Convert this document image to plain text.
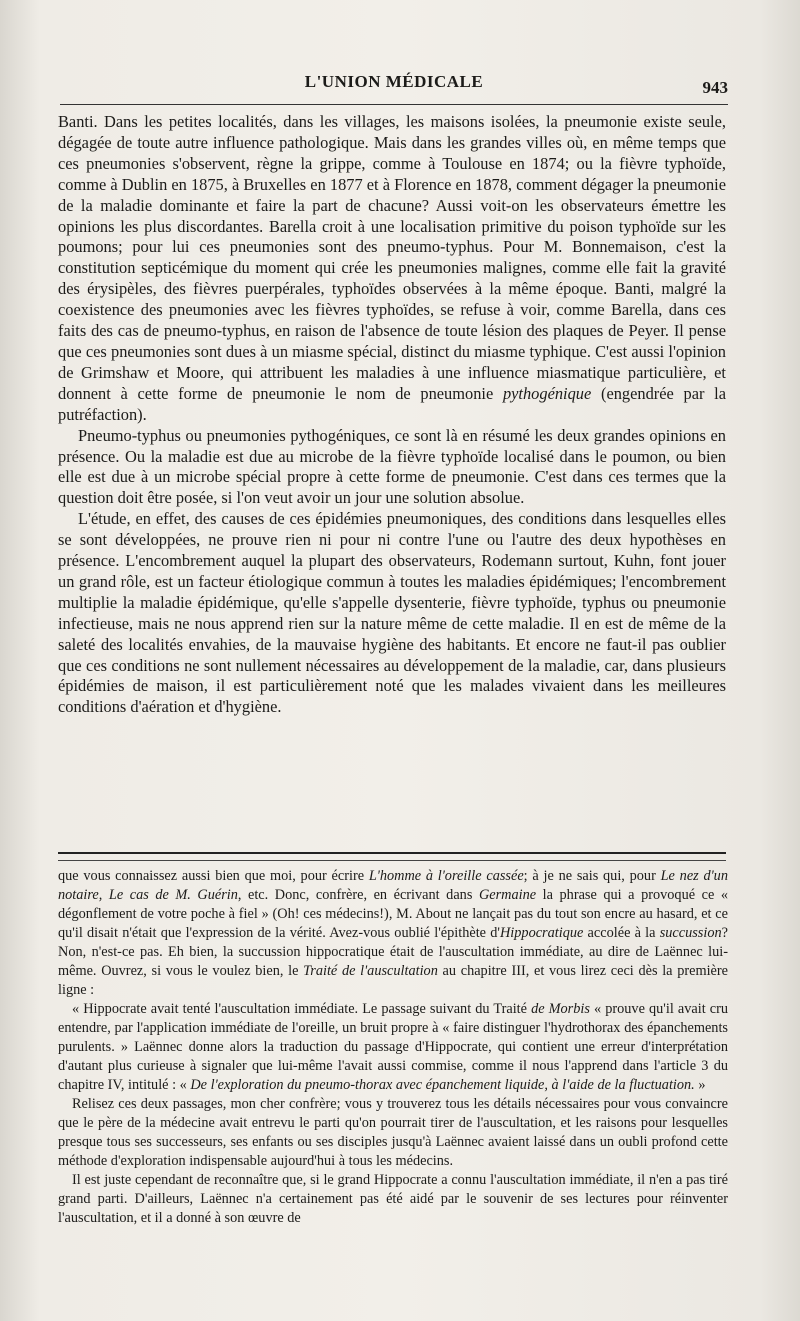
L'UNION MÉDICALE	943

Banti. Dans les petites localités, dans les villages, les maisons isolées, la pneumonie existe seule, dégagée de toute autre influence pathologique. Mais dans les grandes villes où, en même temps que ces pneumonies s'observent, règne la grippe, comme à Toulouse en 1874; ou la fièvre typhoïde, comme à Dublin en 1875, à Bruxelles en 1877 et à Florence en 1878, comment dégager la pneumonie de la maladie dominante et faire la part de chacune? Aussi voit-on les observateurs émettre les opinions les plus discordantes. Barella croit à une localisation primitive du poison typhoïde sur les poumons; pour lui ces pneumonies sont des pneumo-typhus. Pour M. Bonnemaison, c'est la constitution septicémique du moment qui crée les pneumonies malignes, comme elle fait la gravité des érysipèles, des fièvres puerpérales, typhoïdes observées à la même époque. Banti, malgré la coexistence des pneumonies avec les fièvres typhoïdes, se refuse à voir, comme Barella, dans ces faits des cas de pneumo-typhus, en raison de l'absence de toute lésion des plaques de Peyer. Il pense que ces pneumonies sont dues à un miasme spécial, distinct du miasme typhique. C'est aussi l'opinion de Grimshaw et Moore, qui attribuent les maladies à une influence miasmatique particulière, et donnent à cette forme de pneumonie le nom de pneumonie pythogénique (engendrée par la putréfaction).

Pneumo-typhus ou pneumonies pythogéniques, ce sont là en résumé les deux grandes opinions en présence. Ou la maladie est due au microbe de la fièvre typhoïde localisé dans le poumon, ou bien elle est due à un microbe spécial propre à cette forme de pneumonie. C'est dans ces termes que la question doit être posée, si l'on veut avoir un jour une solution absolue.

L'étude, en effet, des causes de ces épidémies pneumoniques, des conditions dans lesquelles elles se sont développées, ne prouve rien ni pour ni contre l'une ou l'autre des deux hypothèses en présence. L'encombrement auquel la plupart des observateurs, Rodemann surtout, Kuhn, font jouer un grand rôle, est un facteur étiologique commun à toutes les maladies épidémiques; l'encombrement multiplie la maladie épidémique, qu'elle s'appelle dysenterie, fièvre typhoïde, typhus ou pneumonie infectieuse, mais ne nous apprend rien sur la nature même de cette maladie. Il en est de même de la saleté des localités envahies, de la mauvaise hygiène des habitants. Et encore ne faut-il pas oublier que ces conditions ne sont nullement nécessaires au développement de la maladie, car, dans plusieurs épidémies de maison, il est particulièrement noté que les malades vivaient dans les meilleures conditions d'aération et d'hygiène.

que vous connaissez aussi bien que moi, pour écrire L'homme à l'oreille cassée; à je ne sais qui, pour Le nez d'un notaire, Le cas de M. Guérin, etc. Donc, confrère, en écrivant dans Germaine la phrase qui a provoqué ce « dégonflement de votre poche à fiel » (Oh! ces médecins!), M. About ne lançait pas du tout son encre au hasard, et ce qu'il disait n'était que l'expression de la vérité. Avez-vous oublié l'épithète d'Hippocratique accolée à la succussion? Non, n'est-ce pas. Eh bien, la succussion hippocratique était de l'auscultation immédiate, au dire de Laënnec lui-même. Ouvrez, si vous le voulez bien, le Traité de l'auscultation au chapitre III, et vous lirez ceci dès la première ligne :

« Hippocrate avait tenté l'auscultation immédiate. Le passage suivant du Traité de Morbis « prouve qu'il avait cru entendre, par l'application immédiate de l'oreille, un bruit propre à « faire distinguer l'hydrothorax des épanchements purulents. » Laënnec donne alors la traduction du passage d'Hippocrate, qui contient une erreur d'interprétation d'autant plus curieuse à signaler que lui-même l'avait aussi commise, comme il nous l'apprend dans l'article 3 du chapitre IV, intitulé : « De l'exploration du pneumo-thorax avec épanchement liquide, à l'aide de la fluctuation. »

Relisez ces deux passages, mon cher confrère; vous y trouverez tous les détails nécessaires pour vous convaincre que le père de la médecine avait entrevu le parti qu'on pourrait tirer de l'auscultation, et les raisons pour lesquelles presque tous ses successeurs, ses enfants ou ses disciples jusqu'à Laënnec avaient laissé dans un oubli profond cette méthode d'exploration indispensable aujourd'hui à tous les médecins.

Il est juste cependant de reconnaître que, si le grand Hippocrate a connu l'auscultation immédiate, il n'en a pas tiré grand parti. D'ailleurs, Laënnec n'a certainement pas été aidé par le souvenir de ses lectures pour réinventer l'auscultation, et il a donné à son œuvre de
